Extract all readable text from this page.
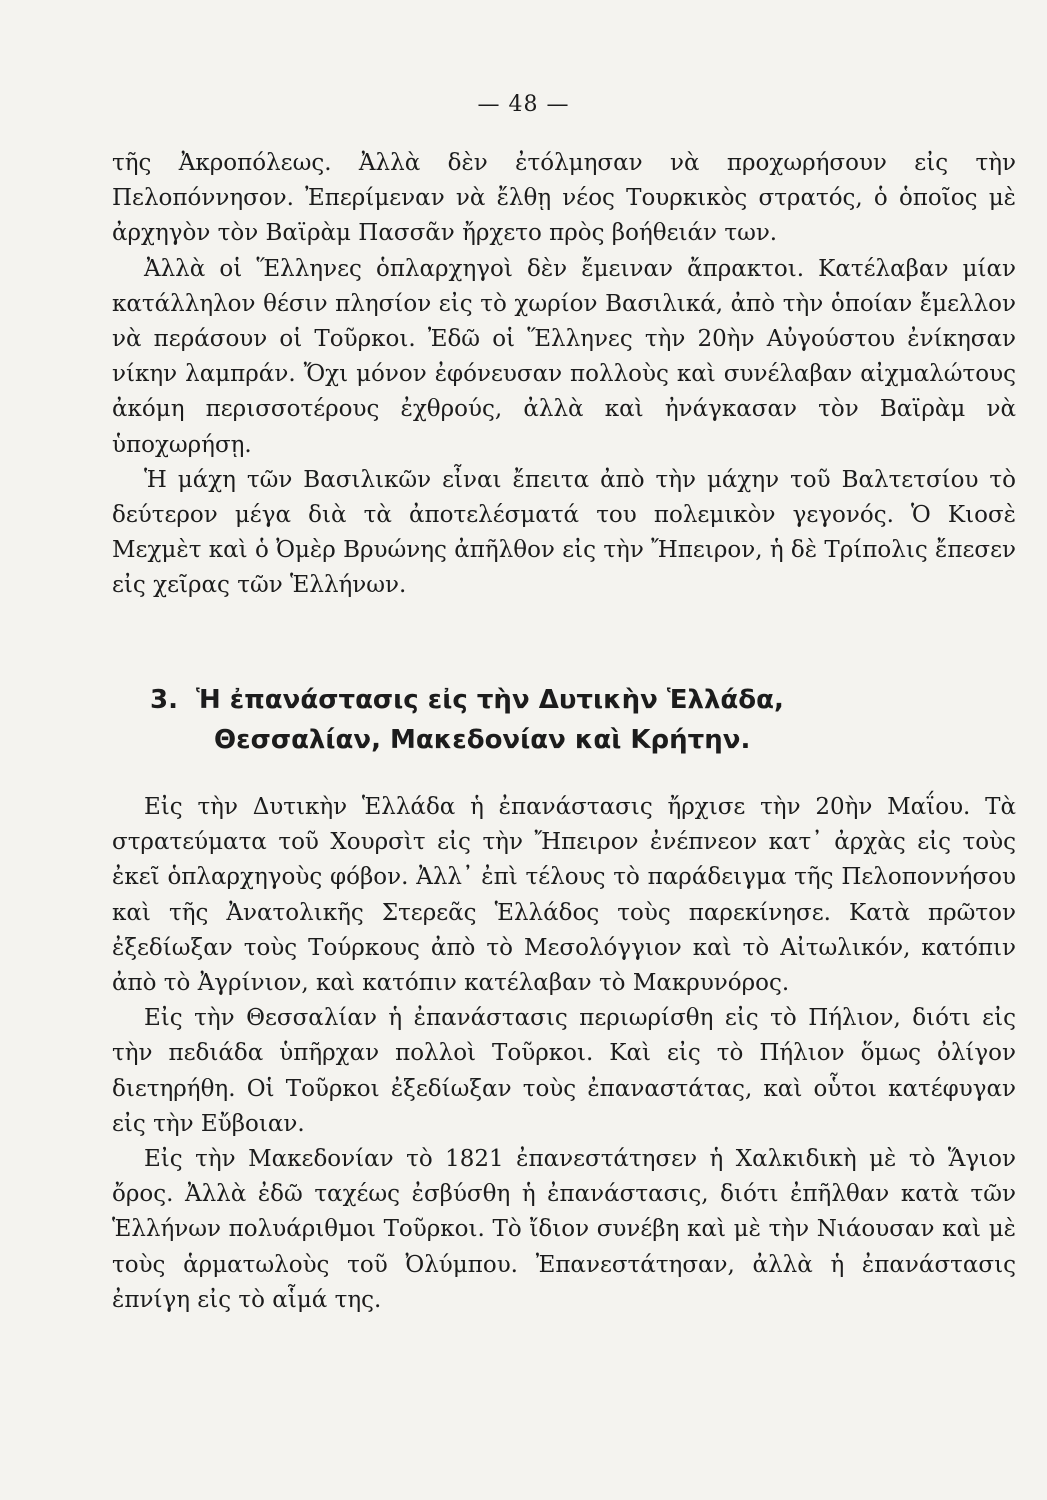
— 48 —

τῆς Ἀκροπόλεως. Ἀλλὰ δὲν ἐτόλμησαν νὰ προχωρήσουν εἰς τὴν Πελοπόννησον. Ἐπερίμεναν νὰ ἔλθῃ νέος Τουρκικὸς στρατός, ὁ ὁποῖος μὲ ἀρχηγὸν τὸν Βαϊρὰμ Πασσᾶν ἤρχετο πρὸς βοήθειάν των.

Ἀλλὰ οἱ Ἕλληνες ὁπλαρχηγοὶ δὲν ἔμειναν ἄπρακτοι. Κατέλαβαν μίαν κατάλληλον θέσιν πλησίον εἰς τὸ χωρίον Βασιλικά, ἀπὸ τὴν ὁποίαν ἔμελλον νὰ περάσουν οἱ Τοῦρκοι. Ἐδῶ οἱ Ἕλληνες τὴν 20ὴν Αὐγούστου ἐνίκησαν νίκην λαμπράν. Ὄχι μόνον ἐφόνευσαν πολλοὺς καὶ συνέλαβαν αἰχμαλώτους ἀκόμη περισσοτέρους ἐχθρούς, ἀλλὰ καὶ ἠνάγκασαν τὸν Βαϊρὰμ νὰ ὑποχωρήσῃ.

Ἡ μάχη τῶν Βασιλικῶν εἶναι ἔπειτα ἀπὸ τὴν μάχην τοῦ Βαλτετσίου τὸ δεύτερον μέγα διὰ τὰ ἀποτελέσματά του πολεμικὸν γεγονός. Ὁ Κιοσὲ Μεχμὲτ καὶ ὁ Ὀμὲρ Βρυώνης ἀπῆλθον εἰς τὴν Ἤπειρον, ἡ δὲ Τρίπολις ἔπεσεν εἰς χεῖρας τῶν Ἑλλήνων.

3. Ἡ ἐπανάστασις εἰς τὴν Δυτικὴν Ἑλλάδα,
Θεσσαλίαν, Μακεδονίαν καὶ Κρήτην.

Εἰς τὴν Δυτικὴν Ἑλλάδα ἡ ἐπανάστασις ἤρχισε τὴν 20ὴν Μαΐου. Τὰ στρατεύματα τοῦ Χουρσὶτ εἰς τὴν Ἤπειρον ἐνέπνεον κατ᾽ ἀρχὰς εἰς τοὺς ἐκεῖ ὁπλαρχηγοὺς φόβον. Ἀλλ᾽ ἐπὶ τέλους τὸ παράδειγμα τῆς Πελοποννήσου καὶ τῆς Ἀνατολικῆς Στερεᾶς Ἑλλάδος τοὺς παρεκίνησε. Κατὰ πρῶτον ἐξεδίωξαν τοὺς Τούρκους ἀπὸ τὸ Μεσολόγγιον καὶ τὸ Αἰτωλικόν, κατόπιν ἀπὸ τὸ Ἀγρίνιον, καὶ κατόπιν κατέλαβαν τὸ Μακρυνόρος.

Εἰς τὴν Θεσσαλίαν ἡ ἐπανάστασις περιωρίσθη εἰς τὸ Πήλιον, διότι εἰς τὴν πεδιάδα ὑπῆρχαν πολλοὶ Τοῦρκοι. Καὶ εἰς τὸ Πήλιον ὅμως ὀλίγον διετηρήθη. Οἱ Τοῦρκοι ἐξεδίωξαν τοὺς ἐπαναστάτας, καὶ οὗτοι κατέφυγαν εἰς τὴν Εὔβοιαν.

Εἰς τὴν Μακεδονίαν τὸ 1821 ἐπανεστάτησεν ἡ Χαλκιδικὴ μὲ τὸ Ἅγιον ὄρος. Ἀλλὰ ἐδῶ ταχέως ἐσβύσθη ἡ ἐπανάστασις, διότι ἐπῆλθαν κατὰ τῶν Ἑλλήνων πολυάριθμοι Τοῦρκοι. Τὸ ἴδιον συνέβη καὶ μὲ τὴν Νιάουσαν καὶ μὲ τοὺς ἁρματωλοὺς τοῦ Ὀλύμπου. Ἐπανεστάτησαν, ἀλλὰ ἡ ἐπανάστασις ἐπνίγη εἰς τὸ αἷμά της.
